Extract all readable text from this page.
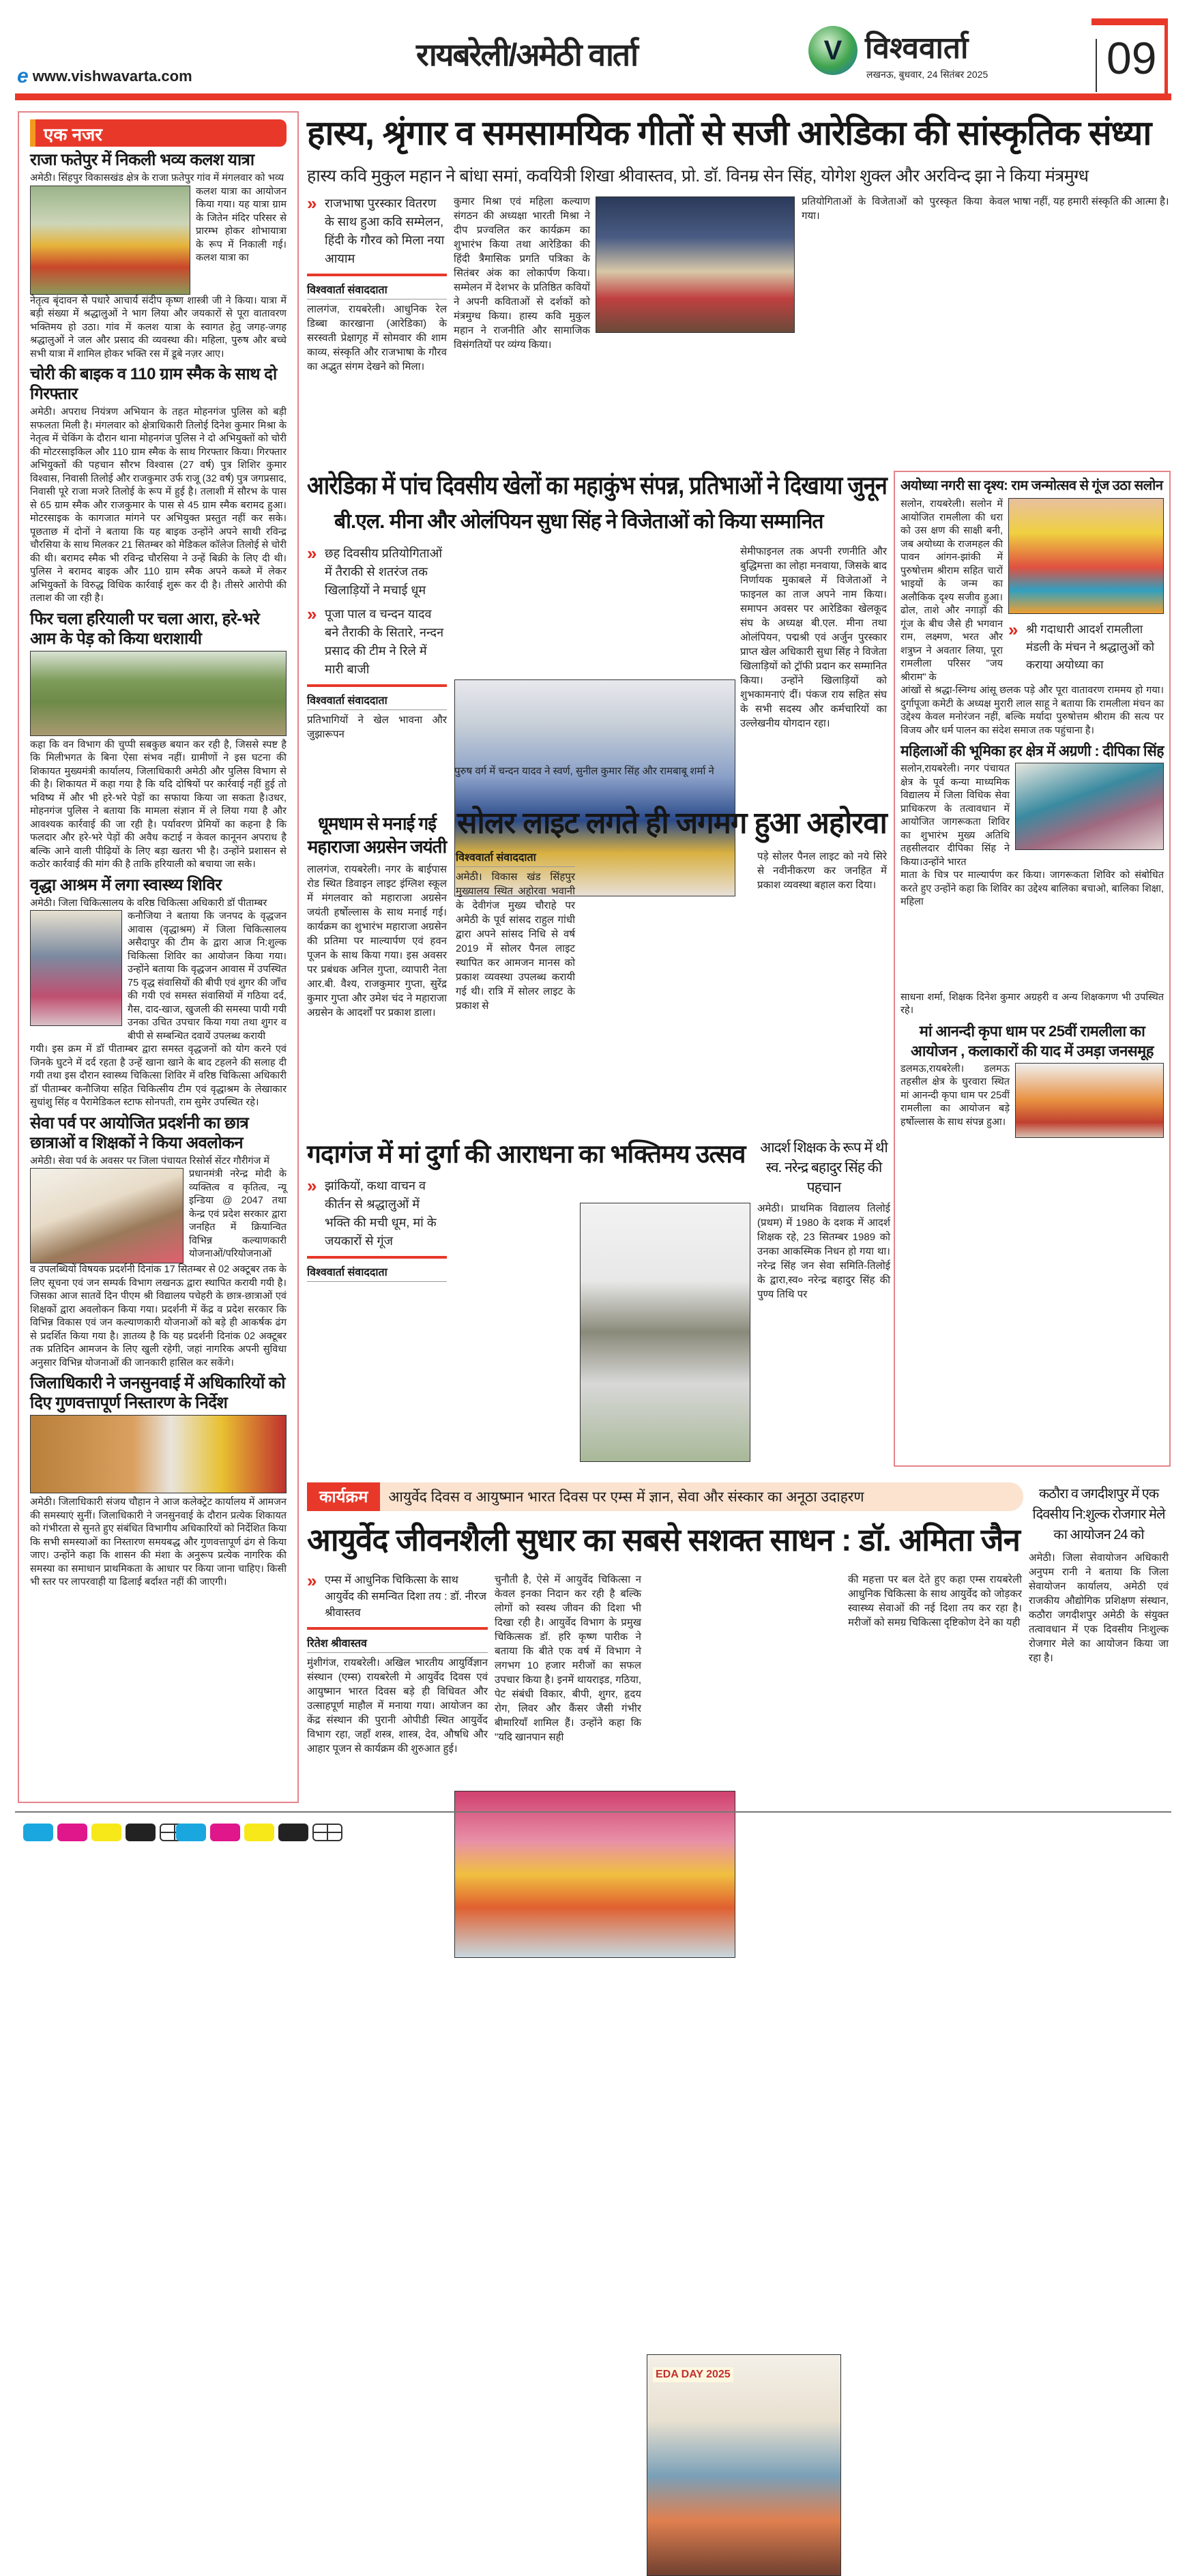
e www.vishwavarta.com
रायबरेली/अमेठी वार्ता	V विश्ववार्ता
लखनऊ, बुधवार, 24 सितंबर 2025	09
एक नजर
राजा फतेपुर में निकली भव्य कलश यात्रा
अमेठी। सिंहपुर विकासखंड क्षेत्र के राजा फ़तेपुर गांव में मंगलवार को भव्य
कलश यात्रा का आयोजन किया गया। यह यात्रा ग्राम के जितेन मंदिर परिसर से प्रारम्भ होकर शोभायात्रा के रूप में निकाली गई। कलश यात्रा का
नेतृत्व बृंदावन से पधारे आचार्य संदीप कृष्ण शास्त्री जी ने किया। यात्रा में बड़ी संख्या में श्रद्धालुओं ने भाग लिया और जयकारों से पूरा वातावरण भक्तिमय हो उठा। गांव में कलश यात्रा के स्वागत हेतु जगह-जगह श्रद्धालुओं ने जल और प्रसाद की व्यवस्था की। महिला, पुरुष और बच्चे सभी यात्रा में शामिल होकर भक्ति रस में डूबे नज़र आए।
चोरी की बाइक व 110 ग्राम स्मैक के साथ दो गिरफ्तार
अमेठी। अपराध नियंत्रण अभियान के तहत मोहनगंज पुलिस को बड़ी सफलता मिली है। मंगलवार को क्षेत्राधिकारी तिलोई दिनेश कुमार मिश्रा के नेतृत्व में चेकिंग के दौरान थाना मोहनगंज पुलिस ने दो अभियुक्तों को चोरी की मोटरसाइकिल और 110 ग्राम स्मैक के साथ गिरफ्तार किया। गिरफ्तार अभियुक्तों की पहचान सौरभ विश्वास (27 वर्ष) पुत्र शिशिर कुमार विश्वास, निवासी तिलोई और राजकुमार उर्फ राजू (32 वर्ष) पुत्र जगप्रसाद, निवासी पूरे राजा मजरे तिलोई के रूप में हुई है। तलाशी में सौरभ के पास से 65 ग्राम स्मैक और राजकुमार के पास से 45 ग्राम स्मैक बरामद हुआ। मोटरसाइक के कागजात मांगने पर अभियुक्त प्रस्तुत नहीं कर सके। पूछताछ में दोनों ने बताया कि यह बाइक उन्होंने अपने साथी रविन्द्र चौरसिया के साथ मिलकर 21 सितम्बर को मेडिकल कॉलेज तिलोई से चोरी की थी। बरामद स्मैक भी रविन्द्र चौरसिया ने उन्हें बिक्री के लिए दी थी।पुलिस ने बरामद बाइक और 110 ग्राम स्मैक अपने कब्जे में लेकर अभियुक्तों के विरुद्ध विधिक कार्रवाई शुरू कर दी है। तीसरे आरोपी की तलाश की जा रही है।
फिर चला हरियाली पर चला आरा, हरे-भरे आम के पेड़ को किया धराशायी
कहा कि वन विभाग की चुप्पी सबकुछ बयान कर रही है, जिससे स्पष्ट है कि मिलीभगत के बिना ऐसा संभव नहीं। ग्रामीणों ने इस घटना की शिकायत मुख्यमंत्री कार्यालय, जिलाधिकारी अमेठी और पुलिस विभाग से की है। शिकायत में कहा गया है कि यदि दोषियों पर कार्रवाई नहीं हुई तो भविष्य में और भी हरे-भरे पेड़ों का सफाया किया जा सकता है।उधर, मोहनगंज पुलिस ने बताया कि मामला संज्ञान में ले लिया गया है और आवश्यक कार्रवाई की जा रही है। पर्यावरण प्रेमियों का कहना है कि फलदार और हरे-भरे पेड़ों की अवैध कटाई न केवल कानूनन अपराध है बल्कि आने वाली पीढ़ियों के लिए बड़ा खतरा भी है। उन्होंने प्रशासन से कठोर कार्रवाई की मांग की है ताकि हरियाली को बचाया जा सके।
वृद्धा आश्रम में लगा स्वास्थ्य शिविर
अमेठी। जिला चिकित्सालय के वरिष्ठ चिकित्सा अधिकारी डॉ पीताम्बर
कनौजिया ने बताया कि जनपद के वृद्धजन आवास (वृद्धाश्रम) में जिला चिकित्सालय असैदापुर की टीम के द्वारा आज नि:शुल्क चिकित्सा शिविर का आयोजन किया गया। उन्होंने बताया कि वृद्धजन आवास में उपस्थित 75 वृद्ध संवासियों की बीपी एवं शुगर की जाँच की गयी एवं समस्त संवासियों में गठिया दर्द, गैस, दाद-खाज, खुजली की समस्या पायी गयी उनका उचित उपचार किया गया तथा शुगर व बीपी से सम्बन्धित दवायें उपलब्ध करायी
गयी। इस क्रम में डॉ पीताम्बर द्वारा समस्त वृद्धजनों को योग करने एवं जिनके घुटने में दर्द रहता है उन्हें खाना खाने के बाद टहलने की सलाह दी गयी तथा इस दौरान स्वास्थ्य चिकित्सा शिविर में वरिष्ठ चिकित्सा अधिकारी डॉ पीताम्बर कनौजिया सहित चिकित्सीय टीम एवं वृद्धाश्रम के लेखाकार सुधांशु सिंह व पैरामेडिकल स्टाफ सोनपती, राम सुमेर उपस्थित रहे।
सेवा पर्व पर आयोजित प्रदर्शनी का छात्र छात्राओं व शिक्षकों ने किया अवलोकन
अमेठी। सेवा पर्व के अवसर पर जिला पंचायत रिसोर्स सेंटर गौरीगंज में
प्रधानमंत्री नरेन्द्र मोदी के व्यक्तित्व व कृतित्व, न्यू इन्डिया @ 2047 तथा केन्द्र एवं प्रदेश सरकार द्वारा जनहित में क्रियान्वित विभिन्न कल्याणकारी योजनाओं/परियोजनाओं
व उपलब्धियों विषयक प्रदर्शनी दिनांक 17 सितम्बर से 02 अक्टूबर तक के लिए सूचना एवं जन सम्पर्क विभाग लखनऊ द्वारा स्थापित करायी गयी है। जिसका आज सातवें दिन पीएम श्री विद्यालय पचेहरी के छात्र-छात्राओं एवं शिक्षकों द्वारा अवलोकन किया गया। प्रदर्शनी में केंद्र व प्रदेश सरकार कि विभिन्न विकास एवं जन कल्याणकारी योजनाओं को बड़े ही आकर्षक ढंग से प्रदर्शित किया गया है। ज्ञातव्य है कि यह प्रदर्शनी दिनांक 02 अक्टूबर तक प्रतिदिन आमजन के लिए खुली रहेगी, जहां नागरिक अपनी सुविधा अनुसार विभिन्न योजनाओं की जानकारी हासिल कर सकेंगे।
जिलाधिकारी ने जनसुनवाई में अधिकारियों को दिए गुणवत्तापूर्ण निस्तारण के निर्देश
अमेठी। जिलाधिकारी संजय चौहान ने आज कलेक्ट्रेट कार्यालय में आमजन की समस्याएं सुनीं। जिलाधिकारी ने जनसुनवाई के दौरान प्रत्येक शिकायत को गंभीरता से सुनते हुए संबंधित विभागीय अधिकारियों को निर्देशित किया कि सभी समस्याओं का निस्तारण समयबद्ध और गुणवत्तापूर्ण ढंग से किया जाए। उन्होंने कहा कि शासन की मंशा के अनुरूप प्रत्येक नागरिक की समस्या का समाधान प्राथमिकता के आधार पर किया जाना चाहिए। किसी भी स्तर पर लापरवाही या ढिलाई बर्दाश्त नहीं की जाएगी।
हास्य, श्रृंगार व समसामयिक गीतों से सजी आरेडिका की सांस्कृतिक संध्या
हास्य कवि मुकुल महान ने बांधा समां, कवयित्री शिखा श्रीवास्तव, प्रो. डॉ. विनम्र सेन सिंह, योगेश शुक्ल और अरविन्द झा ने किया मंत्रमुग्ध
» राजभाषा पुरस्कार वितरण के साथ हुआ कवि सम्मेलन, हिंदी के गौरव को मिला नया आयाम
विश्ववार्ता संवाददाता
लालगंज, रायबरेली। आधुनिक रेल डिब्बा कारखाना (आरेडिका) के सरस्वती प्रेक्षागृह में सोमवार की शाम काव्य, संस्कृति और राजभाषा के गौरव का अद्भुत संगम देखने को मिला।
कुमार मिश्रा एवं महिला कल्याण संगठन की अध्यक्षा भारती मिश्रा ने दीप प्रज्वलित कर कार्यक्रम का शुभारंभ किया तथा आरेडिका की हिंदी त्रैमासिक प्रगति पत्रिका के सितंबर अंक का लोकार्पण किया। सम्मेलन में देशभर के प्रतिष्ठित कवियों ने अपनी कविताओं से दर्शकों को मंत्रमुग्ध किया। हास्य कवि मुकुल महान ने राजनीति और सामाजिक विसंगतियों पर व्यंग्य किया।
प्रतियोगिताओं के विजेताओं को पुरस्कृत किया गया।
केवल भाषा नहीं, यह हमारी संस्कृति की आत्मा है।
आरेडिका में पांच दिवसीय खेलों का महाकुंभ संपन्न, प्रतिभाओं ने दिखाया जुनून
बी.एल. मीना और ओलंपियन सुधा सिंह ने विजेताओं को किया सम्मानित
» छह दिवसीय प्रतियोगिताओं में तैराकी से शतरंज तक खिलाड़ियों ने मचाई धूम
» पूजा पाल व चन्दन यादव बने तैराकी के सितारे, नन्दन प्रसाद की टीम ने रिले में मारी बाजी
विश्ववार्ता संवाददाता
प्रतिभागियों ने खेल भावना और जुझारूपन
पुरुष वर्ग में चन्दन यादव ने स्वर्ण, सुनील कुमार सिंह और रामबाबू शर्मा ने
सेमीफाइनल तक अपनी रणनीति और बुद्धिमत्ता का लोहा मनवाया, जिसके बाद निर्णायक मुकाबले में विजेताओं ने फाइनल का ताज अपने नाम किया। समापन अवसर पर आरेडिका खेलकूद संघ के अध्यक्ष बी.एल. मीना तथा ओलंपियन, पद्मश्री एवं अर्जुन पुरस्कार प्राप्त खेल अधिकारी सुधा सिंह ने विजेता खिलाड़ियों को ट्रॉफी प्रदान कर सम्मानित किया। उन्होंने खिलाड़ियों को शुभकामनाएं दीं। पंकज राय सहित संघ के सभी सदस्य और कर्मचारियों का उल्लेखनीय योगदान रहा।
धूमधाम से मनाई गई महाराजा अग्रसेन जयंती
लालगंज, रायबरेली। नगर के बाईपास रोड स्थित डिवाइन लाइट इंग्लिश स्कूल में मंगलवार को महाराजा अग्रसेन जयंती हर्षोल्लास के साथ मनाई गई। कार्यक्रम का शुभारंभ महाराजा अग्रसेन की प्रतिमा पर माल्यार्पण एवं हवन पूजन के साथ किया गया। इस अवसर पर प्रबंधक अनिल गुप्ता, व्यापारी नेता आर.बी. वैश्य, राजकुमार गुप्ता, सुरेंद्र कुमार गुप्ता और उमेश चंद ने महाराजा अग्रसेन के आदर्शों पर प्रकाश डाला।
सोलर लाइट लगते ही जगमग हुआ अहोरवा
विश्ववार्ता संवाददाता
अमेठी। विकास खंड सिंहपुर मुख्यालय स्थित अहोरवा भवानी के देवीगंज मुख्य चौराहे पर अमेठी के पूर्व सांसद राहुल गांधी द्वारा अपने सांसद निधि से वर्ष 2019 में सोलर पैनल लाइट स्थापित कर आमजन मानस को प्रकाश व्यवस्था उपलब्ध करायी गई थी। रात्रि में सोलर लाइट के प्रकाश से
पड़े सोलर पैनल लाइट को नये सिरे से नवीनीकरण कर जनहित में प्रकाश व्यवस्था बहाल करा दिया।
गदागंज में मां दुर्गा की आराधना का भक्तिमय उत्सव
» झांकियों, कथा वाचन व कीर्तन से श्रद्धालुओं में भक्ति की मची धूम, मां के जयकारों से गूंज
विश्ववार्ता संवाददाता
आदर्श शिक्षक के रूप में थी स्व. नरेन्द्र बहादुर सिंह की पहचान
अमेठी। प्राथमिक विद्यालय तिलोई (प्रथम) में 1980 के दशक में आदर्श शिक्षक रहे, 23 सितम्बर 1989 को उनका आकस्मिक निधन हो गया था। नरेन्द्र सिंह जन सेवा समिति-तिलोई के द्वारा,स्व० नरेन्द्र बहादुर सिंह की पुण्य तिथि पर
अयोध्या नगरी सा दृश्य: राम जन्मोत्सव से गूंज उठा सलोन
सलोन, रायबरेली। सलोन में आयोजित रामलीला की धरा को उस क्षण की साक्षी बनी, जब अयोध्या के राजमहल की पावन आंगन-झांकी में पुरुषोत्तम श्रीराम सहित चारों भाइयों के जन्म का अलौकिक दृश्य सजीव हुआ। ढोल, ताशे और नगाड़ों की गूंज के बीच जैसे ही भगवान राम, लक्ष्मण, भरत और शत्रुघ्न ने अवतार लिया, पूरा रामलीला परिसर "जय श्रीराम" के
» श्री गदाधारी आदर्श रामलीला मंडली के मंचन ने श्रद्धालुओं को कराया अयोध्या का
आंखों से श्रद्धा-स्निग्ध आंसू छलक पड़े और पूरा वातावरण राममय हो गया। दुर्गापूजा कमेटी के अध्यक्ष मुरारी लाल साहू ने बताया कि रामलीला मंचन का उद्देश्य केवल मनोरंजन नहीं, बल्कि मर्यादा पुरुषोत्तम श्रीराम की सत्य पर विजय और धर्म पालन का संदेश समाज तक पहुंचाना है।
महिलाओं की भूमिका हर क्षेत्र में अग्रणी : दीपिका सिंह
सलोन,रायबरेली। नगर पंचायत क्षेत्र के पूर्व कन्या माध्यमिक विद्यालय में जिला विधिक सेवा प्राधिकरण के तत्वावधान में आयोजित जागरूकता शिविर का शुभारंभ मुख्य अतिथि तहसीलदार दीपिका सिंह ने किया।उन्होंने भारत
माता के चित्र पर माल्यार्पण कर किया। जागरूकता शिविर को संबोधित करते हुए उन्होंने कहा कि शिविर का उद्देश्य बालिका बचाओ, बालिका शिक्षा, महिला
साधना शर्मा, शिक्षक दिनेश कुमार अग्रहरी व अन्य शिक्षकगण भी उपस्थित रहे।
मां आनन्दी कृपा धाम पर 25वीं रामलीला का आयोजन , कलाकारों की याद में उमड़ा जनसमूह
डलमऊ,रायबरेली। डलमऊ तहसील क्षेत्र के घुरवारा स्थित मां आनन्दी कृपा धाम पर 25वीं रामलीला का आयोजन बड़े हर्षोल्लास के साथ संपन्न हुआ।
कार्यक्रम	आयुर्वेद दिवस व आयुष्मान भारत दिवस पर एम्स में ज्ञान, सेवा और संस्कार का अनूठा उदाहरण
आयुर्वेद जीवनशैली सुधार का सबसे सशक्त साधन : डॉ. अमिता जैन
» एम्स में आधुनिक चिकित्सा के साथ आयुर्वेद की समन्वित दिशा तय : डॉ. नीरज श्रीवास्तव
रितेश श्रीवास्तव
मुंशीगंज, रायबरेली। अखिल भारतीय आयुर्विज्ञान संस्थान (एम्स) रायबरेली मे आयुर्वेद दिवस एवं आयुष्मान भारत दिवस बड़े ही विधिवत और उत्साहपूर्ण माहौल में मनाया गया। आयोजन का केंद्र संस्थान की पुरानी ओपीडी स्थित आयुर्वेद विभाग रहा, जहाँ शस्त्र, शास्त्र, देव, औषधि और आहार पूजन से कार्यक्रम की शुरुआत हुई।
चुनौती है, ऐसे में आयुर्वेद चिकित्सा न केवल इनका निदान कर रही है बल्कि लोगों को स्वस्थ जीवन की दिशा भी दिखा रही है। आयुर्वेद विभाग के प्रमुख चिकित्सक डॉ. हरि कृष्ण पारीक ने बताया कि बीते एक वर्ष में विभाग ने लगभग 10 हजार मरीजों का सफल उपचार किया है। इनमें थायराइड, गठिया, पेट संबंधी विकार, बीपी, शुगर, हृदय रोग, लिवर और कैंसर जैसी गंभीर बीमारियाँ शामिल हैं। उन्होंने कहा कि "यदि खानपान सही
EDA DAY 2025
की महत्ता पर बल देते हुए कहा एम्स रायबरेली आधुनिक चिकित्सा के साथ आयुर्वेद को जोड़कर स्वास्थ्य सेवाओं की नई दिशा तय कर रहा है। मरीजों को समग्र चिकित्सा दृष्टिकोण देने का यही
कठौरा व जगदीशपुर में एक दिवसीय नि:शुल्क रोजगार मेले का आयोजन 24 को
अमेठी। जिला सेवायोजन अधिकारी अनुपम रानी ने बताया कि जिला सेवायोजन कार्यालय, अमेठी एवं राजकीय औद्योगिक प्रशिक्षण संस्थान, कठौरा जगदीशपुर अमेठी के संयुक्त तत्वावधान में एक दिवसीय निःशुल्क रोजगार मेले का आयोजन किया जा रहा है।
